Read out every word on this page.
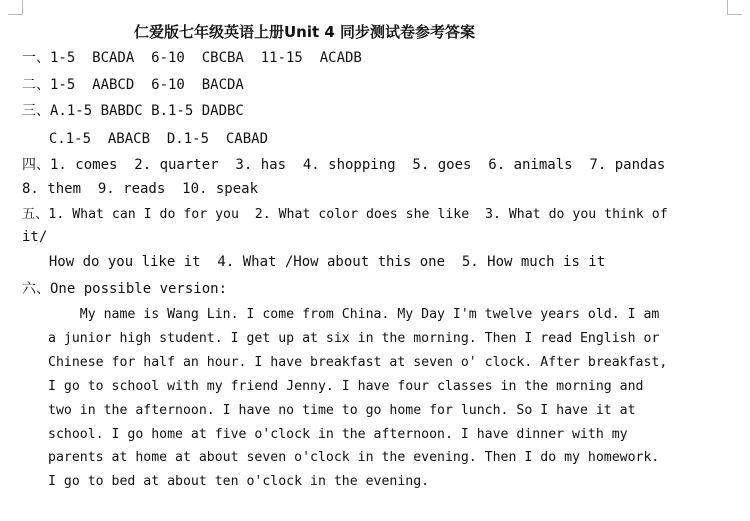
仁爱版七年级英语上册Unit 4 同步测试卷参考答案
一、1-5  BCADA  6-10  CBCBA  11-15  ACADB
二、1-5  AABCD  6-10  BACDA
三、A.1-5 BABDC B.1-5 DADBC
C.1-5  ABACB  D.1-5  CABAD
四、1. comes  2. quarter  3. has  4. shopping  5. goes  6. animals  7. pandas
8. them  9. reads  10. speak
五、1. What can I do for you  2. What color does she like  3. What do you think of
it/
How do you like it  4. What /How about this one  5. How much is it
六、One possible version:
My name is Wang Lin. I come from China. My Day I'm twelve years old. I am
a junior high student. I get up at six in the morning. Then I read English or
Chinese for half an hour. I have breakfast at seven o' clock. After breakfast,
I go to school with my friend Jenny. I have four classes in the morning and
two in the afternoon. I have no time to go home for lunch. So I have it at
school. I go home at five o'clock in the afternoon. I have dinner with my
parents at home at about seven o'clock in the evening. Then I do my homework.
I go to bed at about ten o'clock in the evening.
